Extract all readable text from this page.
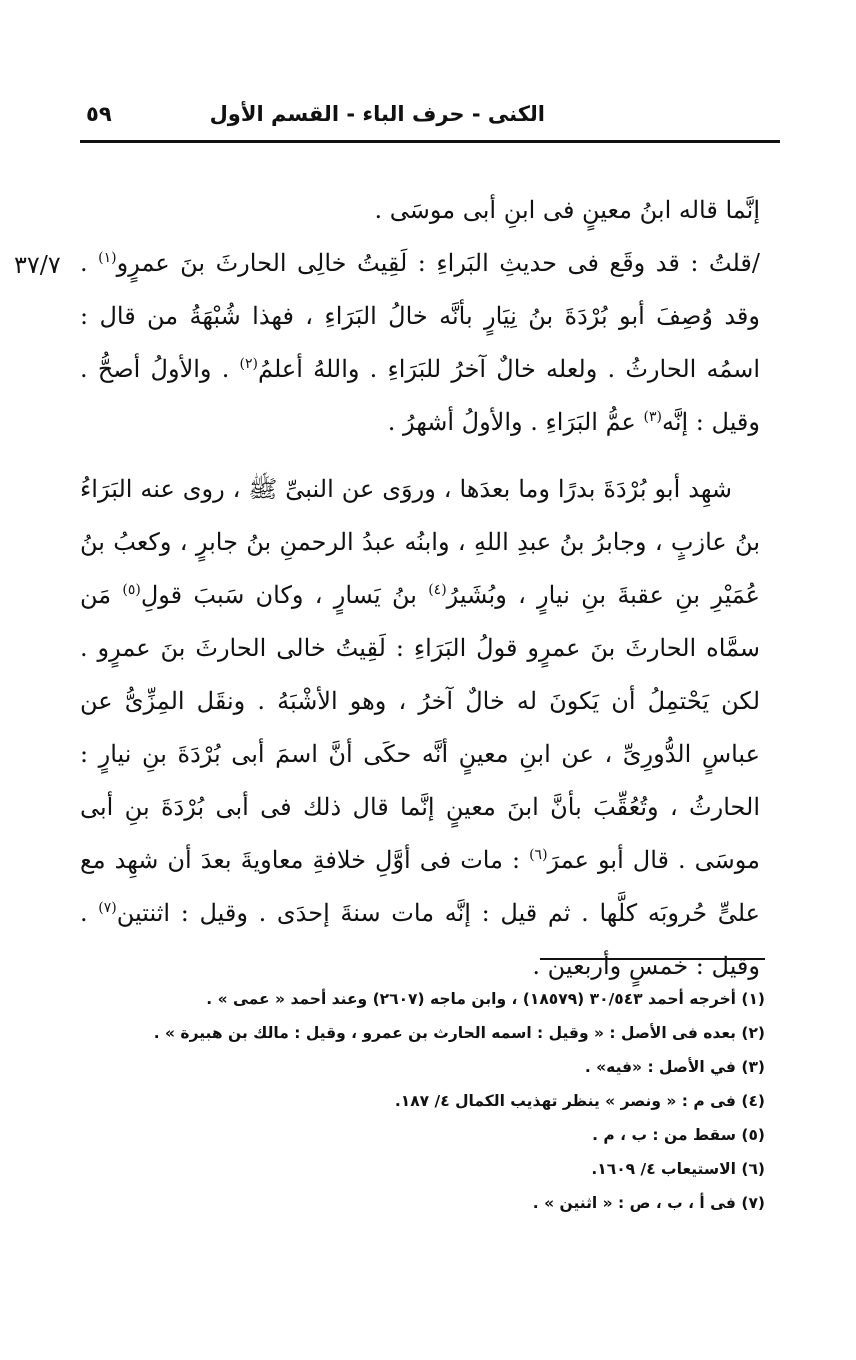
الكنى - حرف الباء - القسم الأول
٥٩
٣٧/٧

إنَّما قاله ابنُ معينٍ فى ابنِ أبى موسَى .

/قلتُ : قد وقَع فى حديثِ البَراءِ : لَقِيتُ خالِى الحارثَ بنَ عمرٍو$^{(١)}$ . وقد وُصِفَ أبو بُرْدَةَ بنُ نِيَارٍ بأنَّه خالُ البَرَاءِ ، فهذا شُبْهَةُ من قال : اسمُه الحارثُ . ولعله خالٌ آخرُ للبَرَاءِ . واللهُ أعلمُ$^{(٢)}$ . والأولُ أصحُّ . وقيل : إنَّه$^{(٣)}$ عمُّ البَرَاءِ . والأولُ أشهرُ .

شهِد أبو بُرْدَةَ بدرًا وما بعدَها ، وروَى عن النبىِّ ﷺ ، روى عنه البَرَاءُ بنُ عازبٍ ، وجابرُ بنُ عبدِ اللهِ ، وابنُه عبدُ الرحمنِ بنُ جابرٍ ، وكعبُ بنُ عُمَيْرِ بنِ عقبةَ بنِ نيارٍ ، وبُشَيرُ$^{(٤)}$ بنُ يَسارٍ ، وكان سَببَ قولِ$^{(٥)}$ مَن سمَّاه الحارثَ بنَ عمرٍو قولُ البَرَاءِ : لَقِيتُ خالى الحارثَ بنَ عمرٍو . لكن يَحْتمِلُ أن يَكونَ له خالٌ آخرُ ، وهو الأشْبَهُ . ونقَل المِزِّىُّ عن عباسٍ الدُّورِىِّ ، عن ابنِ معينٍ أنَّه حكَى أنَّ اسمَ أبى بُرْدَةَ بنِ نيارٍ : الحارثُ ، وتُعُقِّبَ بأنَّ ابنَ معينٍ إنَّما قال ذلك فى أبى بُرْدَةَ بنِ أبى موسَى . قال أبو عمرَ$^{(٦)}$ : مات فى أوَّلِ خلافةِ معاويةَ بعدَ أن شهِد مع علىٍّ حُروبَه كلَّها . ثم قيل : إنَّه مات سنةَ إحدَى . وقيل : اثنتين$^{(٧)}$ . وقيل : خمسٍ وأربعين .

(١) أخرجه أحمد ٣٠/٥٤٣ (١٨٥٧٩) ، وابن ماجه (٢٦٠٧) وعند أحمد « عمى » .
(٢) بعده فى الأصل : « وقيل : اسمه الحارث بن عمرو ، وقيل : مالك بن هبيرة » .
(٣) في الأصل : «فيه» .
(٤) فى م : « ونصر » ينظر تهذيب الكمال ٤/ ١٨٧.
(٥) سقط من : ب ، م .
(٦) الاستيعاب ٤/ ١٦٠٩.
(٧) فى أ ، ب ، ص : « اثنين » .
